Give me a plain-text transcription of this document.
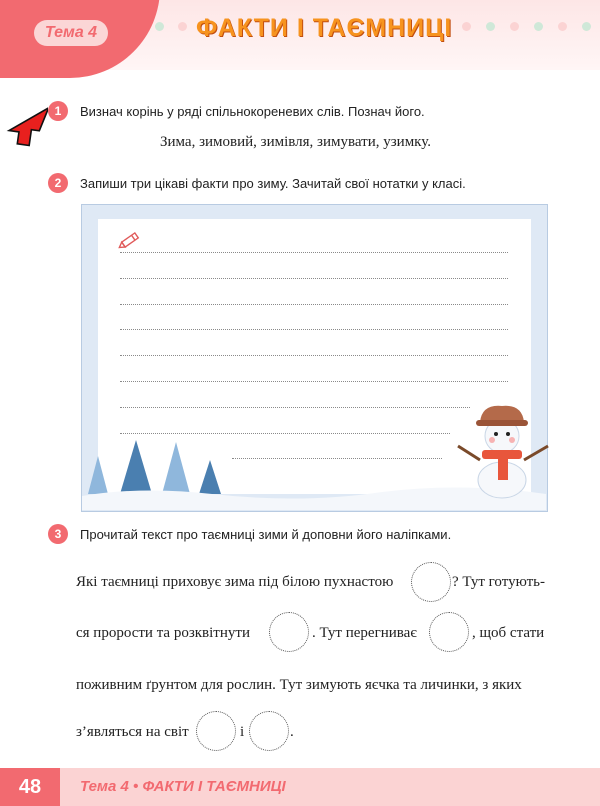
Тема 4	ФАКТИ І ТАЄМНИЦІ
1	Визнач корінь у ряді спільнокореневих слів. Познач його.
Зима, зимовий, зимівля, зимувати, узимку.
2	Запиши три цікаві факти про зиму. Зачитай свої нотатки у класі.
3	Прочитай текст про таємниці зими й доповни його наліпками.
Які таємниці приховує зима під білою пухнастою	? Тут готують-
ся прорости та розквітнути	. Тут перегниває	, щоб стати
поживним ґрунтом для рослин. Тут зимують яєчка та личинки, з яких
з’являться на світ	і	.
48	Тема 4 • ФАКТИ І ТАЄМНИЦІ
